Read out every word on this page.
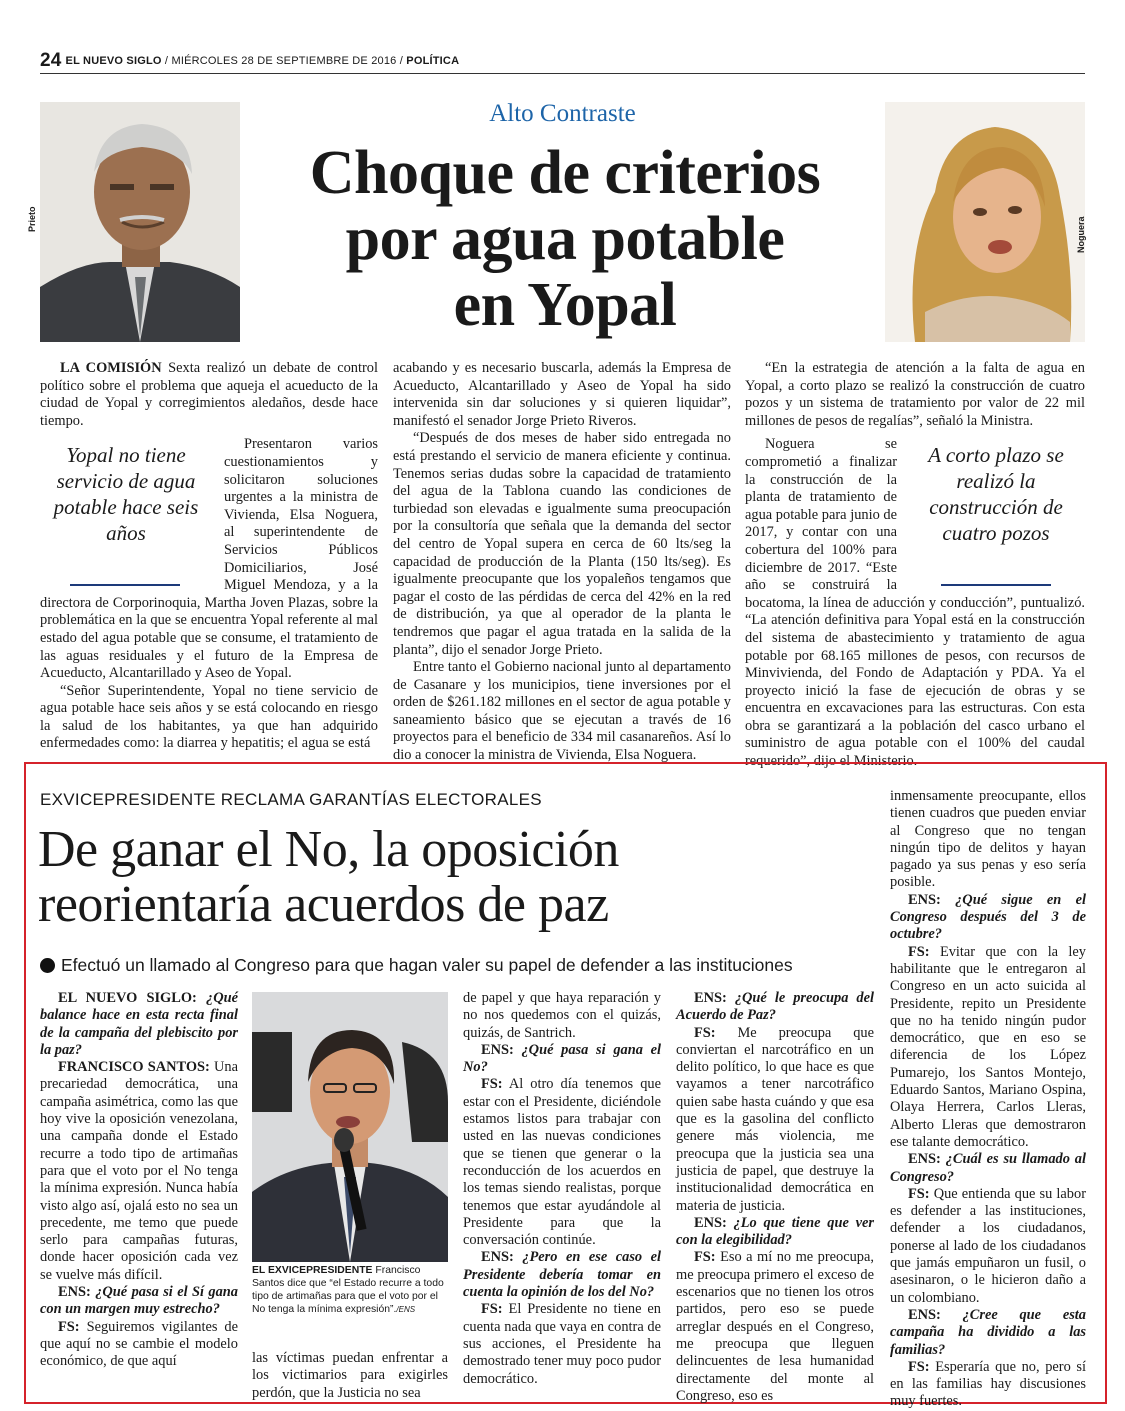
24 EL NUEVO SIGLO / MIÉRCOLES 28 DE SEPTIEMBRE DE 2016 / POLÍTICA
Prieto	Noguera
Alto Contraste
Choque de criterios
por agua potable
en Yopal

LA COMISIÓN Sexta realizó un debate de control político sobre el problema que aqueja el acueducto de la ciudad de Yopal y corregimientos aledaños, desde hace tiempo.

Yopal no tiene servicio de agua potable hace seis años

Presentaron varios cuestionamientos y solicitaron soluciones urgentes a la ministra de Vivienda, Elsa Noguera, al superintendente de Servicios Públicos Domiciliarios, José Miguel Mendoza, y a la directora de Corporinoquia, Martha Joven Plazas, sobre la problemática en la que se encuentra Yopal referente al mal estado del agua potable que se consume, el tratamiento de las aguas residuales y el futuro de la Empresa de Acueducto, Alcantarillado y Aseo de Yopal.

“Señor Superintendente, Yopal no tiene servicio de agua potable hace seis años y se está colocando en riesgo la salud de los habitantes, ya que han adquirido enfermedades como: la diarrea y hepatitis; el agua se está

acabando y es necesario buscarla, además la Empresa de Acueducto, Alcantarillado y Aseo de Yopal ha sido intervenida sin dar soluciones y si quieren liquidar”, manifestó el senador Jorge Prieto Riveros.

“Después de dos meses de haber sido entregada no está prestando el servicio de manera eficiente y continua. Tenemos serias dudas sobre la capacidad de tratamiento del agua de la Tablona cuando las condiciones de turbiedad son elevadas e igualmente suma preocupación por la consultoría que señala que la demanda del sector del centro de Yopal supera en cerca de 60 lts/seg la capacidad de producción de la Planta (150 lts/seg). Es igualmente preocupante que los yopaleños tengamos que pagar el costo de las pérdidas de cerca del 42% en la red de distribución, ya que al operador de la planta le tendremos que pagar el agua tratada en la salida de la planta”, dijo el senador Jorge Prieto.

Entre tanto el Gobierno nacional junto al departamento de Casanare y los municipios, tiene inversiones por el orden de $261.182 millones en el sector de agua potable y saneamiento básico que se ejecutan a través de 16 proyectos para el beneficio de 334 mil casanareños. Así lo dio a conocer la ministra de Vivienda, Elsa Noguera.

“En la estrategia de atención a la falta de agua en Yopal, a corto plazo se realizó la construcción de cuatro pozos y un sistema de tratamiento por valor de 22 mil millones de pesos de regalías”, señaló la Ministra.

A corto plazo se realizó la construcción de cuatro pozos

Noguera se comprometió a finalizar la construcción de la planta de tratamiento de agua potable para junio de 2017, y contar con una cobertura del 100% para diciembre de 2017. “Este año se construirá la bocatoma, la línea de aducción y conducción”, puntualizó. “La atención definitiva para Yopal está en la construcción del sistema de abastecimiento y tratamiento de agua potable por 68.165 millones de pesos, con recursos de Minvivienda, del Fondo de Adaptación y PDA. Ya el proyecto inició la fase de ejecución de obras y se encuentra en excavaciones para las estructuras. Con esta obra se garantizará a la población del casco urbano el suministro de agua potable con el 100% del caudal requerido”, dijo el Ministerio.

EXVICEPRESIDENTE RECLAMA GARANTÍAS ELECTORALES
De ganar el No, la oposición
reorientaría acuerdos de paz
Efectuó un llamado al Congreso para que hagan valer su papel de defender a las instituciones

EL NUEVO SIGLO: ¿Qué balance hace en esta recta final de la campaña del plebiscito por la paz?

FRANCISCO SANTOS: Una precariedad democrática, una campaña asimétrica, como las que hoy vive la oposición venezolana, una campaña donde el Estado recurre a todo tipo de artimañas para que el voto por el No tenga la mínima expresión. Nunca había visto algo así, ojalá esto no sea un precedente, me temo que puede serlo para campañas futuras, donde hacer oposición cada vez se vuelve más difícil.

ENS: ¿Qué pasa si el Sí gana con un margen muy estrecho?

FS: Seguiremos vigilantes de que aquí no se cambie el modelo económico, de que aquí

EL EXVICEPRESIDENTE Francisco Santos dice que “el Estado recurre a todo tipo de artimañas para que el voto por el No tenga la mínima expresión”./ENS

las víctimas puedan enfrentar a los victimarios para exigirles perdón, que la Justicia no sea

de papel y que haya reparación y no nos quedemos con el quizás, quizás, de Santrich.

ENS: ¿Qué pasa si gana el No?

FS: Al otro día tenemos que estar con el Presidente, diciéndole estamos listos para trabajar con usted en las nuevas condiciones que se tienen que generar o la reconducción de los acuerdos en los temas siendo realistas, porque tenemos que estar ayudándole al Presidente para que la conversación continúe.

ENS: ¿Pero en ese caso el Presidente debería tomar en cuenta la opinión de los del No?

FS: El Presidente no tiene en cuenta nada que vaya en contra de sus acciones, el Presidente ha demostrado tener muy poco pudor democrático.

ENS: ¿Qué le preocupa del Acuerdo de Paz?

FS: Me preocupa que conviertan el narcotráfico en un delito político, lo que hace es que vayamos a tener narcotráfico quien sabe hasta cuándo y que esa que es la gasolina del conflicto genere más violencia, me preocupa que la justicia sea una justicia de papel, que destruye la institucionalidad democrática en materia de justicia.

ENS: ¿Lo que tiene que ver con la elegibilidad?

FS: Eso a mí no me preocupa, me preocupa primero el exceso de escenarios que no tienen los otros partidos, pero eso se puede arreglar después en el Congreso, me preocupa que lleguen delincuentes de lesa humanidad directamente del monte al Congreso, eso es

inmensamente preocupante, ellos tienen cuadros que pueden enviar al Congreso que no tengan ningún tipo de delitos y hayan pagado ya sus penas y eso sería posible.

ENS: ¿Qué sigue en el Congreso después del 3 de octubre?

FS: Evitar que con la ley habilitante que le entregaron al Congreso en un acto suicida al Presidente, repito un Presidente que no ha tenido ningún pudor democrático, que en eso se diferencia de los López Pumarejo, los Santos Montejo, Eduardo Santos, Mariano Ospina, Olaya Herrera, Carlos Lleras, Alberto Lleras que demostraron ese talante democrático.

ENS: ¿Cuál es su llamado al Congreso?

FS: Que entienda que su labor es defender a las instituciones, defender a los ciudadanos, ponerse al lado de los ciudadanos que jamás empuñaron un fusil, o asesinaron, o le hicieron daño a un colombiano.

ENS: ¿Cree que esta campaña ha dividido a las familias?

FS: Esperaría que no, pero sí en las familias hay discusiones muy fuertes.
